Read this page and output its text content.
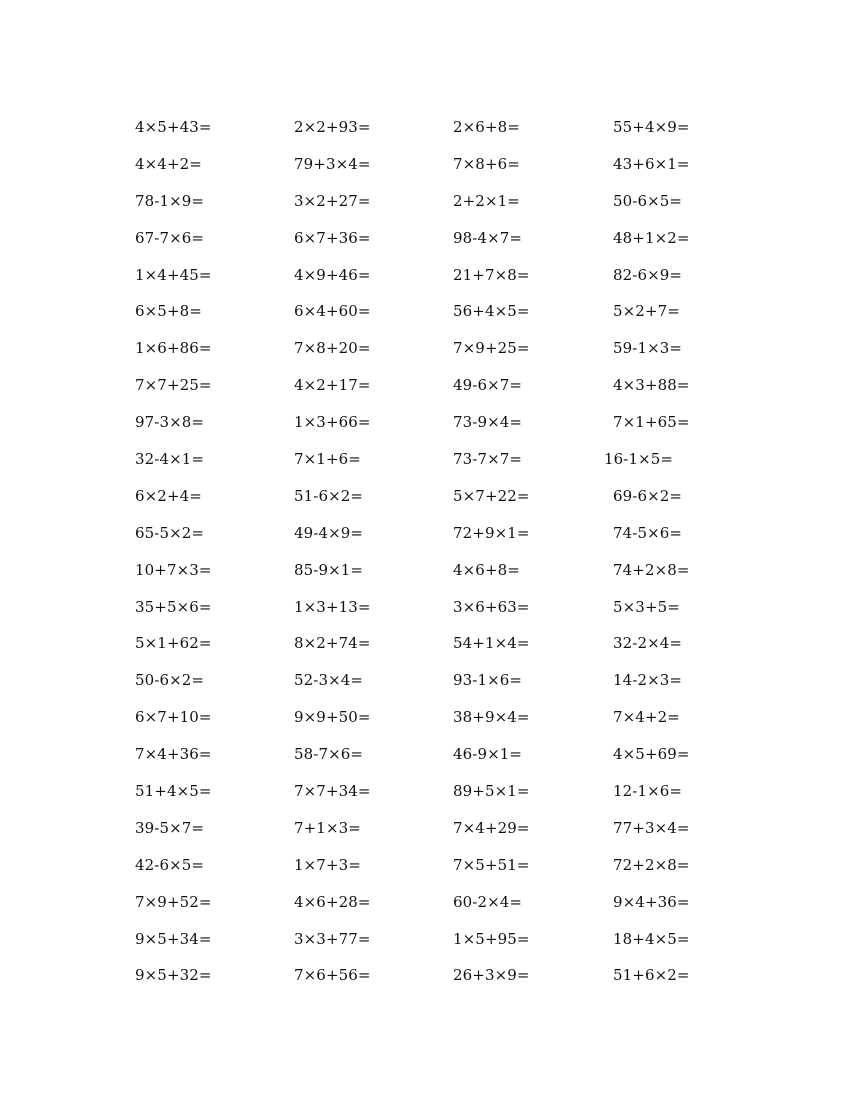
4×5+43=	2×2+93=	2×6+8=	55+4×9=
4×4+2=	79+3×4=	7×8+6=	43+6×1=
78-1×9=	3×2+27=	2+2×1=	50-6×5=
67-7×6=	6×7+36=	98-4×7=	48+1×2=
1×4+45=	4×9+46=	21+7×8=	82-6×9=
6×5+8=	6×4+60=	56+4×5=	5×2+7=
1×6+86=	7×8+20=	7×9+25=	59-1×3=
7×7+25=	4×2+17=	49-6×7=	4×3+88=
97-3×8=	1×3+66=	73-9×4=	7×1+65=
32-4×1=	7×1+6=	73-7×7=	16-1×5=
6×2+4=	51-6×2=	5×7+22=	69-6×2=
65-5×2=	49-4×9=	72+9×1=	74-5×6=
10+7×3=	85-9×1=	4×6+8=	74+2×8=
35+5×6=	1×3+13=	3×6+63=	5×3+5=
5×1+62=	8×2+74=	54+1×4=	32-2×4=
50-6×2=	52-3×4=	93-1×6=	14-2×3=
6×7+10=	9×9+50=	38+9×4=	7×4+2=
7×4+36=	58-7×6=	46-9×1=	4×5+69=
51+4×5=	7×7+34=	89+5×1=	12-1×6=
39-5×7=	7+1×3=	7×4+29=	77+3×4=
42-6×5=	1×7+3=	7×5+51=	72+2×8=
7×9+52=	4×6+28=	60-2×4=	9×4+36=
9×5+34=	3×3+77=	1×5+95=	18+4×5=
9×5+32=	7×6+56=	26+3×9=	51+6×2=
